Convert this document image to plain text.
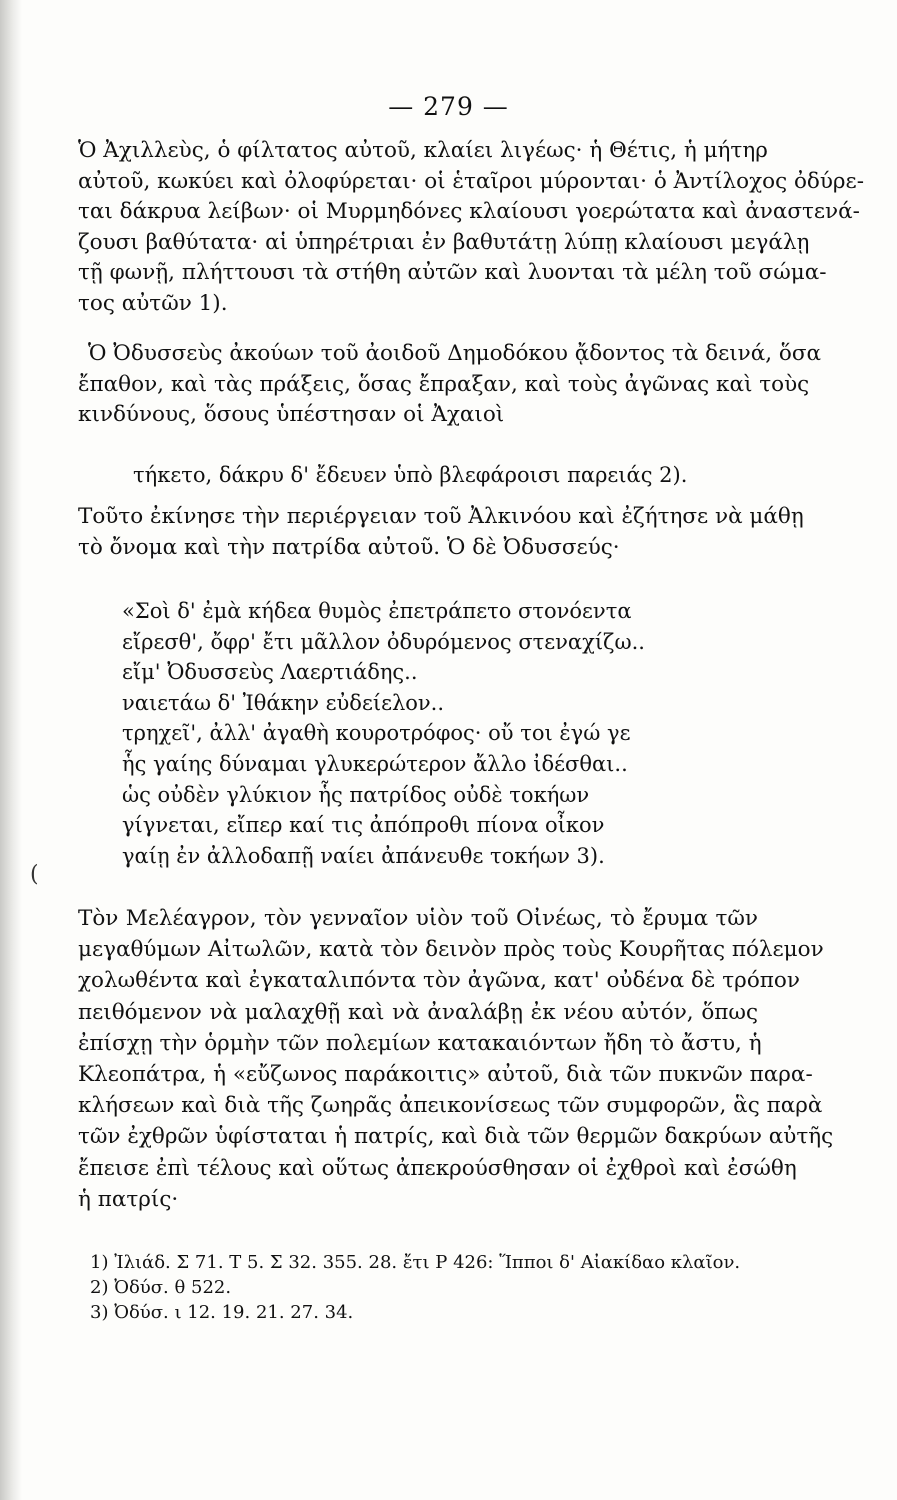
— 279 —
Ὁ Ἀχιλλεὺς, ὁ φίλτατος αὐτοῦ, κλαίει λιγέως· ἡ Θέτις, ἡ μήτηρ
αὐτοῦ, κωκύει καὶ ὀλοφύρεται· οἱ ἑταῖροι μύρονται· ὁ Ἀντίλοχος ὀδύρε-
ται δάκρυα λείβων· οἱ Μυρμηδόνες κλαίουσι γοερώτατα καὶ ἀναστενά-
ζουσι βαθύτατα· αἱ ὑπηρέτριαι ἐν βαθυτάτῃ λύπῃ κλαίουσι μεγάλῃ
τῇ φωνῇ, πλήττουσι τὰ στήθη αὐτῶν καὶ λυονται τὰ μέλη τοῦ σώμα-
τος αὐτῶν 1).
Ὁ Ὀδυσσεὺς ἀκούων τοῦ ἀοιδοῦ Δημοδόκου ᾄδοντος τὰ δεινά, ὅσα
ἔπαθον, καὶ τὰς πράξεις, ὅσας ἔπραξαν, καὶ τοὺς ἀγῶνας καὶ τοὺς
κινδύνους, ὅσους ὑπέστησαν οἱ Ἀχαιοὶ
τήκετο, δάκρυ δ' ἔδευεν ὑπὸ βλεφάροισι παρειάς 2).
Τοῦτο ἐκίνησε τὴν περιέργειαν τοῦ Ἀλκινόου καὶ ἐζήτησε νὰ μάθῃ
τὸ ὄνομα καὶ τὴν πατρίδα αὐτοῦ. Ὁ δὲ Ὀδυσσεύς·
«Σοὶ δ' ἐμὰ κήδεα θυμὸς ἐπετράπετο στονόεντα
εἴρεσθ', ὄφρ' ἔτι μᾶλλον ὀδυρόμενος στεναχίζω..
εἴμ' Ὀδυσσεὺς Λαερτιάδης..
ναιετάω δ' Ἰθάκην εὐδείελον..
τρηχεῖ', ἀλλ' ἀγαθὴ κουροτρόφος· οὔ τοι ἐγώ γε
ἧς γαίης δύναμαι γλυκερώτερον ἄλλο ἰδέσθαι..
ὡς οὐδὲν γλύκιον ἧς πατρίδος οὐδὲ τοκήων
γίγνεται, εἴπερ καί τις ἀπόπροθι πίονα οἶκον
γαίῃ ἐν ἀλλοδαπῇ ναίει ἀπάνευθε τοκήων 3).
(
Τὸν Μελέαγρον, τὸν γενναῖον υἱὸν τοῦ Οἰνέως, τὸ ἔρυμα τῶν
μεγαθύμων Αἰτωλῶν, κατὰ τὸν δεινὸν πρὸς τοὺς Κουρῆτας πόλεμον
χολωθέντα καὶ ἐγκαταλιπόντα τὸν ἀγῶνα, κατ' οὐδένα δὲ τρόπον
πειθόμενον νὰ μαλαχθῇ καὶ νὰ ἀναλάβῃ ἐκ νέου αὐτόν, ὅπως
ἐπίσχῃ τὴν ὁρμὴν τῶν πολεμίων κατακαιόντων ἤδη τὸ ἄστυ, ἡ
Κλεοπάτρα, ἡ «εὔζωνος παράκοιτις» αὐτοῦ, διὰ τῶν πυκνῶν παρα-
κλήσεων καὶ διὰ τῆς ζωηρᾶς ἀπεικονίσεως τῶν συμφορῶν, ἃς παρὰ
τῶν ἐχθρῶν ὑφίσταται ἡ πατρίς, καὶ διὰ τῶν θερμῶν δακρύων αὐτῆς
ἔπεισε ἐπὶ τέλους καὶ οὕτως ἀπεκρούσθησαν οἱ ἐχθροὶ καὶ ἐσώθη
ἡ πατρίς·
1) Ἰλιάδ. Σ 71. Τ 5. Σ 32. 355. 28. ἔτι Ρ 426: Ἵπποι δ' Αἰακίδαο κλαῖον.
2) Ὀδύσ. θ 522.
3) Ὀδύσ. ι 12. 19. 21. 27. 34.
